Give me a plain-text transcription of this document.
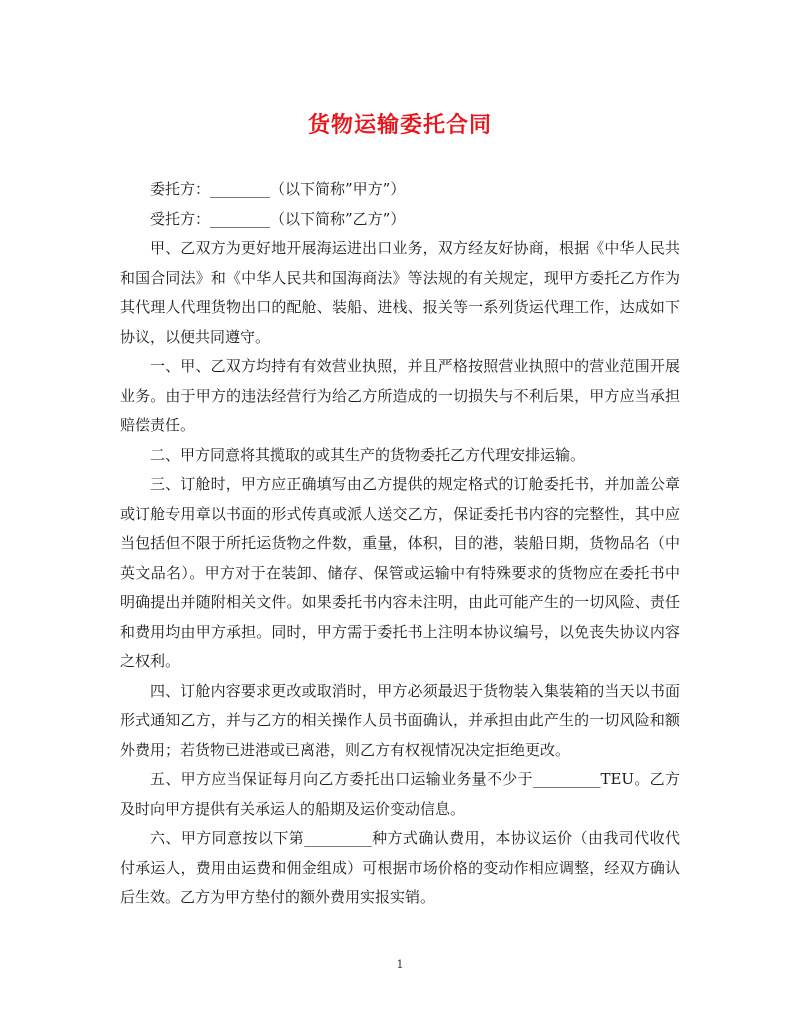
货物运输委托合同

委托方：________（以下简称”甲方”）

受托方：________（以下简称”乙方”）

甲、乙双方为更好地开展海运进出口业务，双方经友好协商，根据《中华人民共和国合同法》和《中华人民共和国海商法》等法规的有关规定，现甲方委托乙方作为其代理人代理货物出口的配舱、装船、进栈、报关等一系列货运代理工作，达成如下协议，以便共同遵守。

一、甲、乙双方均持有有效营业执照，并且严格按照营业执照中的营业范围开展业务。由于甲方的违法经营行为给乙方所造成的一切损失与不利后果，甲方应当承担赔偿责任。

二、甲方同意将其揽取的或其生产的货物委托乙方代理安排运输。

三、订舱时，甲方应正确填写由乙方提供的规定格式的订舱委托书，并加盖公章或订舱专用章以书面的形式传真或派人送交乙方，保证委托书内容的完整性，其中应当包括但不限于所托运货物之件数，重量，体积，目的港，装船日期，货物品名（中英文品名）。甲方对于在装卸、储存、保管或运输中有特殊要求的货物应在委托书中明确提出并随附相关文件。如果委托书内容未注明，由此可能产生的一切风险、责任和费用均由甲方承担。同时，甲方需于委托书上注明本协议编号，以免丧失协议内容之权利。

四、订舱内容要求更改或取消时，甲方必须最迟于货物装入集装箱的当天以书面形式通知乙方，并与乙方的相关操作人员书面确认，并承担由此产生的一切风险和额外费用；若货物已进港或已离港，则乙方有权视情况决定拒绝更改。

五、甲方应当保证每月向乙方委托出口运输业务量不少于_________TEU。乙方及时向甲方提供有关承运人的船期及运价变动信息。

六、甲方同意按以下第_________种方式确认费用，本协议运价（由我司代收代付承运人，费用由运费和佣金组成）可根据市场价格的变动作相应调整，经双方确认后生效。乙方为甲方垫付的额外费用实报实销。

1
